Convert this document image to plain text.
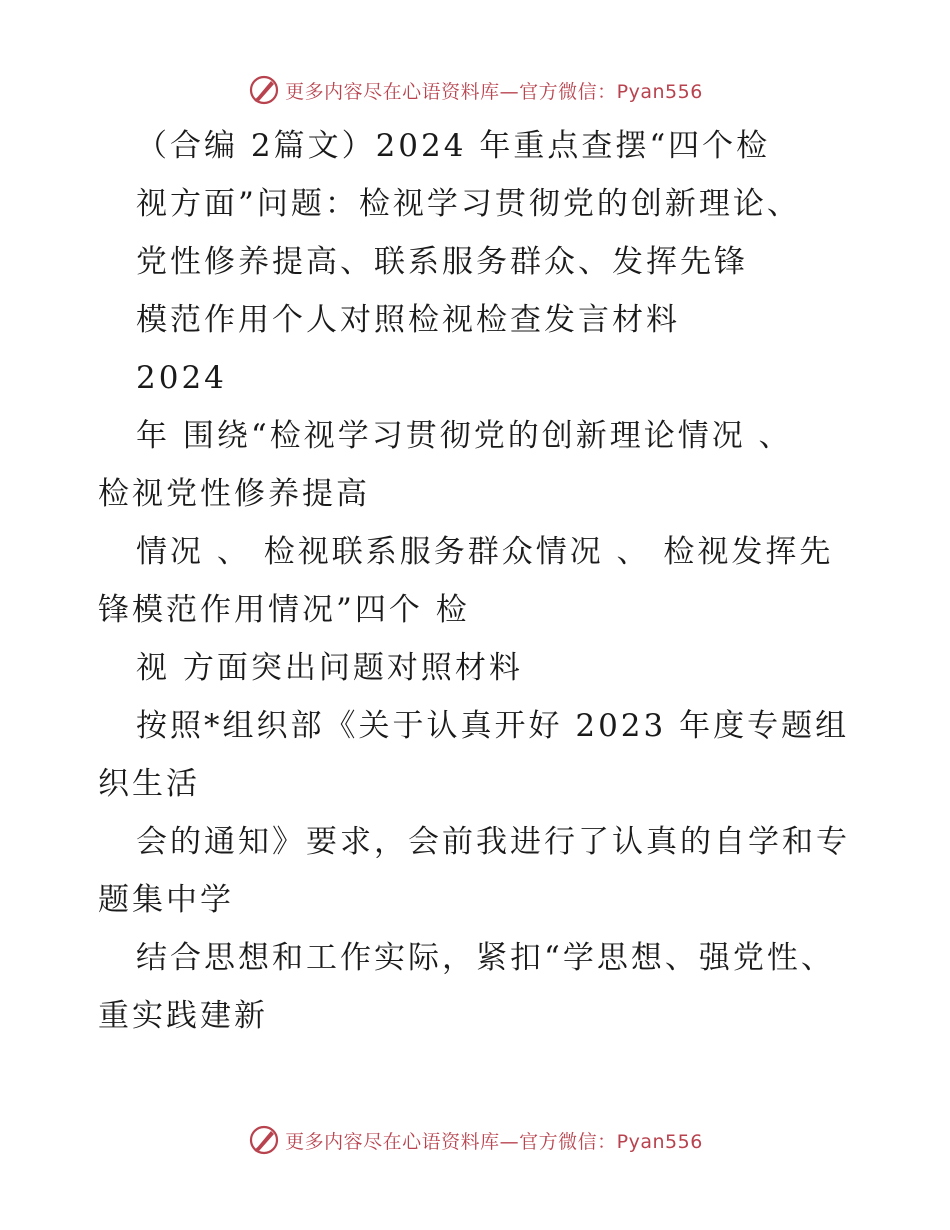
更多内容尽在心语资料库—官方微信：Pyan556
（合编 2篇文）2024 年重点查摆“四个检
视方面”问题：检视学习贯彻党的创新理论、
党性修养提高、联系服务群众、发挥先锋
模范作用个人对照检视检查发言材料
2024
年 围绕“检视学习贯彻党的创新理论情况 、
检视党性修养提高
情况 、 检视联系服务群众情况 、 检视发挥先
锋模范作用情况”四个 检
视 方面突出问题对照材料
按照*组织部《关于认真开好 2023 年度专题组
织生活
会的通知》要求，会前我进行了认真的自学和专
题集中学
结合思想和工作实际，紧扣“学思想、强党性、
重实践建新
更多内容尽在心语资料库—官方微信：Pyan556
